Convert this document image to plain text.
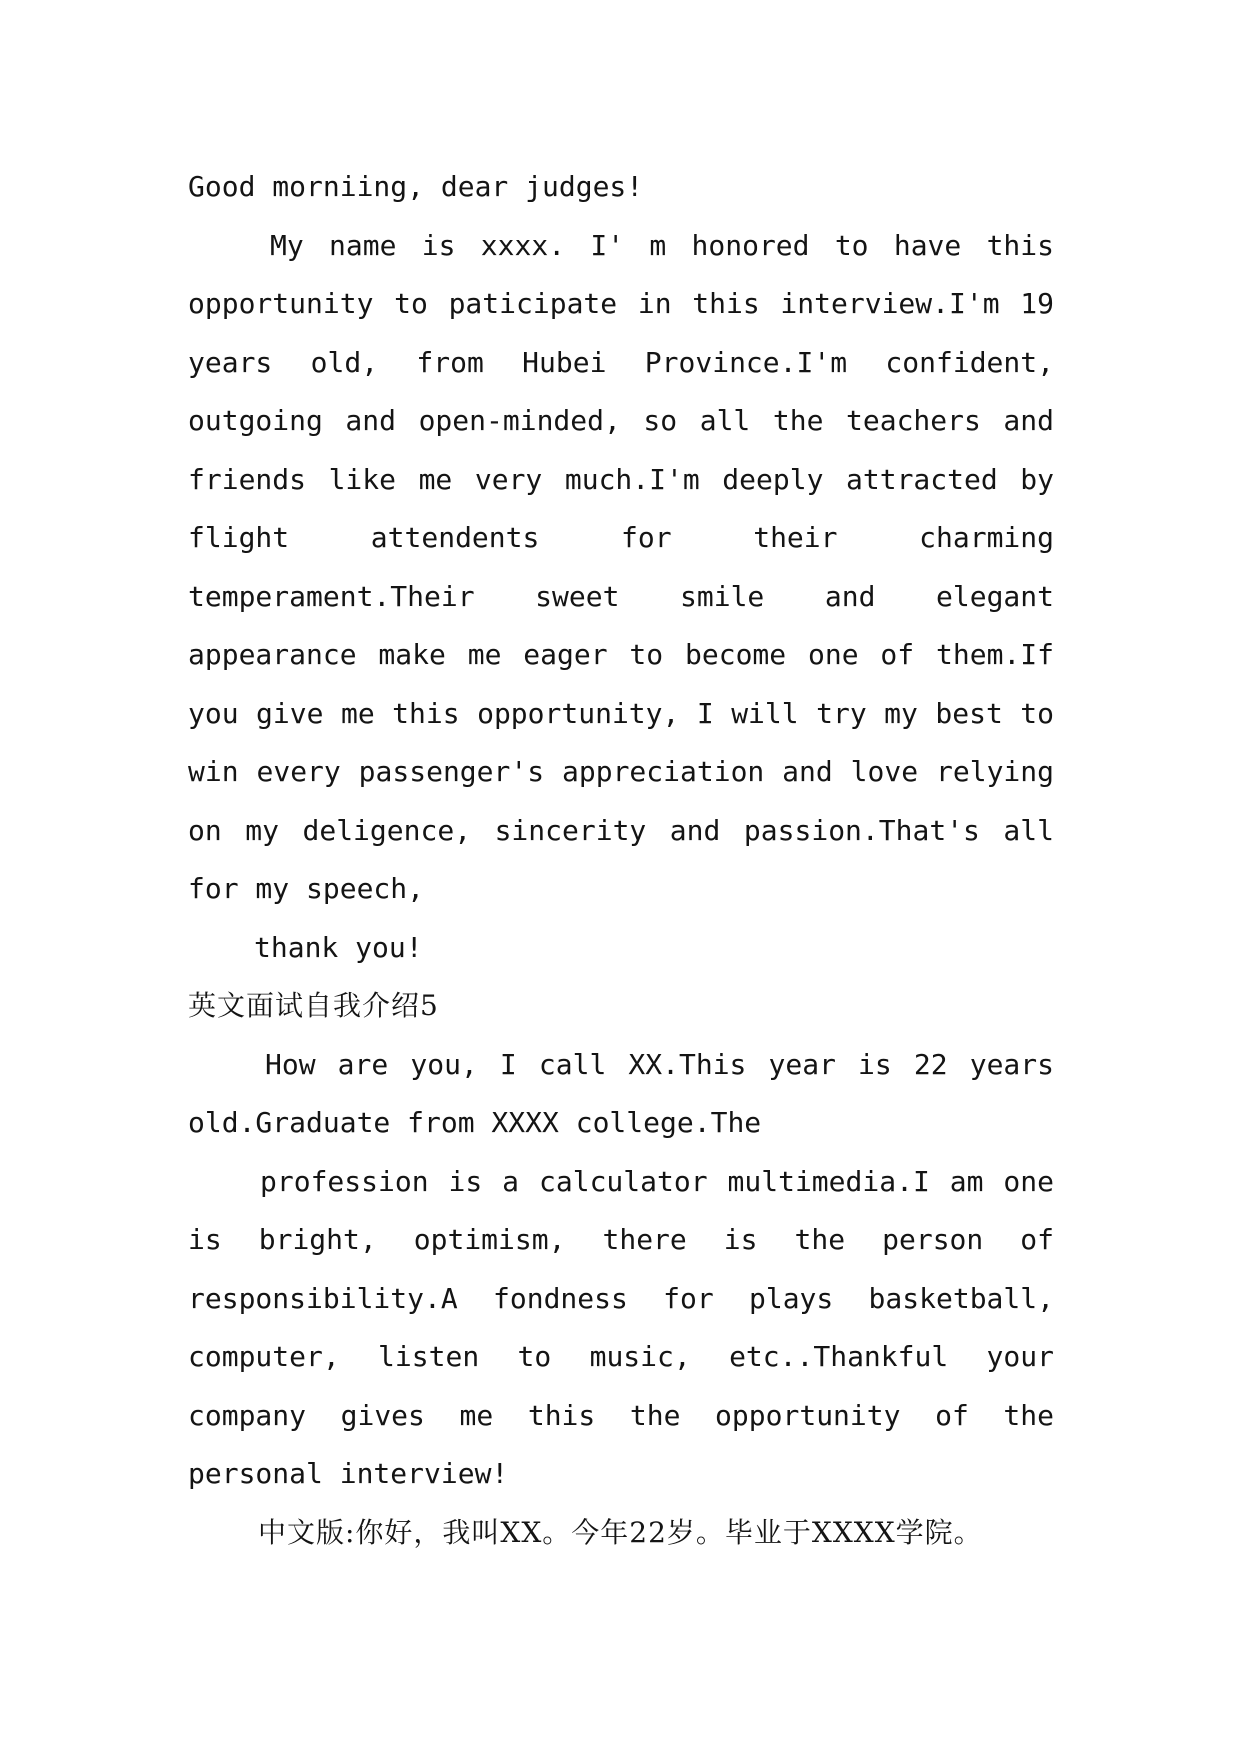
Good morniing, dear judges!

My name is xxxx. I' m honored to have this opportunity to paticipate in this interview.I'm 19 years old, from Hubei Province.I'm confident, outgoing and open-minded, so all the teachers and friends like me very much.I'm deeply attracted by flight attendents for their charming temperament.Their sweet smile and elegant appearance make me eager to become one of them.If you give me this opportunity, I will try my best to win every passenger's appreciation and love relying on my deligence, sincerity and passion.That's all for my speech,

thank you!

英文面试自我介绍5

How are you, I call XX.This year is 22 years old.Graduate from XXXX college.The

profession is a calculator multimedia.I am one is bright, optimism, there is the person of responsibility.A fondness for plays basketball, computer, listen to music, etc..Thankful your company gives me this the opportunity of the personal interview!

中文版:你好，我叫XX。今年22岁。毕业于XXXX学院。
